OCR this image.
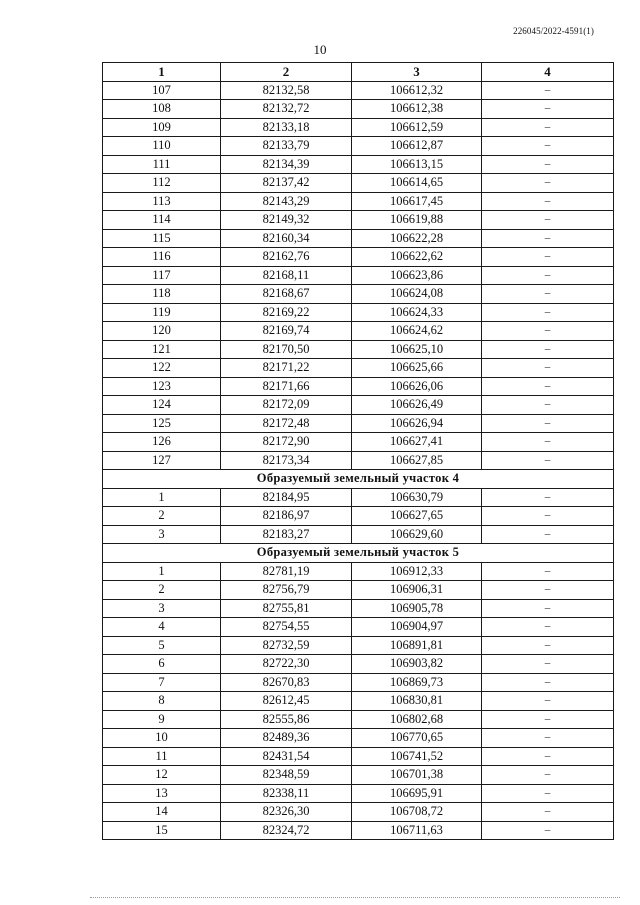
226045/2022-4591(1)
10
1	2	3	4
107	82132,58	106612,32	–
108	82132,72	106612,38	–
109	82133,18	106612,59	–
110	82133,79	106612,87	–
111	82134,39	106613,15	–
112	82137,42	106614,65	–
113	82143,29	106617,45	–
114	82149,32	106619,88	–
115	82160,34	106622,28	–
116	82162,76	106622,62	–
117	82168,11	106623,86	–
118	82168,67	106624,08	–
119	82169,22	106624,33	–
120	82169,74	106624,62	–
121	82170,50	106625,10	–
122	82171,22	106625,66	–
123	82171,66	106626,06	–
124	82172,09	106626,49	–
125	82172,48	106626,94	–
126	82172,90	106627,41	–
127	82173,34	106627,85	–
Образуемый земельный участок 4			
1	82184,95	106630,79	–
2	82186,97	106627,65	–
3	82183,27	106629,60	–
Образуемый земельный участок 5			
1	82781,19	106912,33	–
2	82756,79	106906,31	–
3	82755,81	106905,78	–
4	82754,55	106904,97	–
5	82732,59	106891,81	–
6	82722,30	106903,82	–
7	82670,83	106869,73	–
8	82612,45	106830,81	–
9	82555,86	106802,68	–
10	82489,36	106770,65	–
11	82431,54	106741,52	–
12	82348,59	106701,38	–
13	82338,11	106695,91	–
14	82326,30	106708,72	–
15	82324,72	106711,63	–
